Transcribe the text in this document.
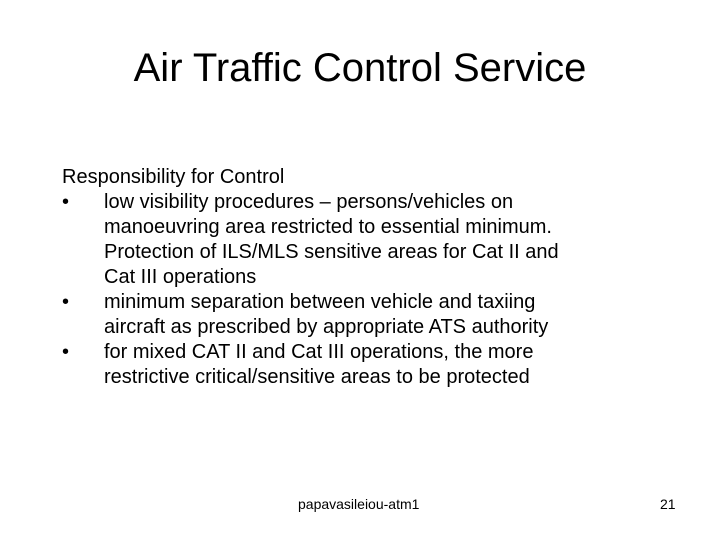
Air Traffic Control Service
Responsibility for Control
• low visibility procedures – persons/vehicles on
manoeuvring area restricted to essential minimum.
Protection of ILS/MLS sensitive areas for Cat II and
Cat III operations
• minimum separation between vehicle and taxiing
aircraft as prescribed by appropriate ATS authority
• for mixed CAT II and Cat III operations, the more
restrictive critical/sensitive areas to be protected
papavasileiou-atm1	21
